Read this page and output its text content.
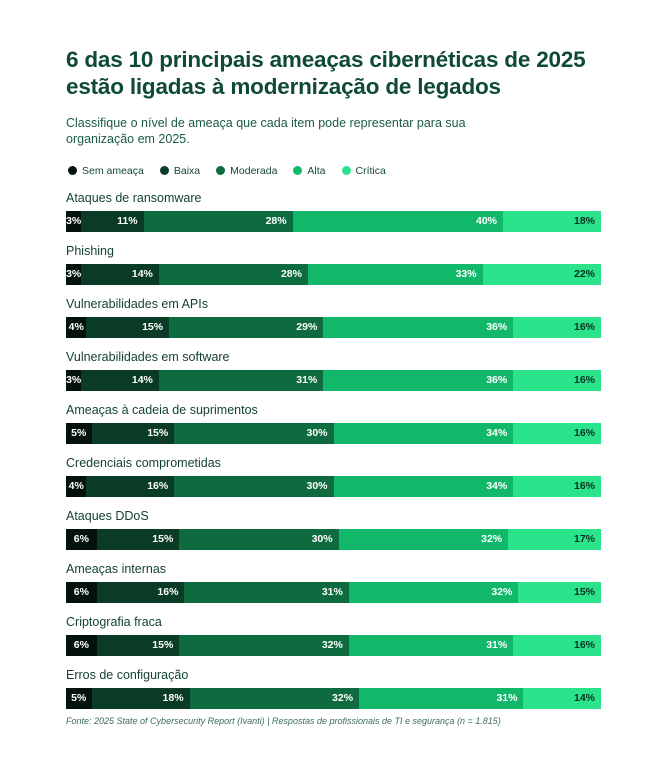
6 das 10 principais ameaças cibernéticas de 2025 estão ligadas à modernização de legados

Classifique o nível de ameaça que cada item pode representar para sua organização em 2025.

Sem ameaça	Baixa	Moderada	Alta	Crítica
Ataques de ransomware
3%	11%	28%	40%	18%
Phishing
3%	14%	28%	33%	22%
Vulnerabilidades em APIs
4%	15%	29%	36%	16%
Vulnerabilidades em software
3%	14%	31%	36%	16%
Ameaças à cadeia de suprimentos
5%	15%	30%	34%	16%
Credenciais comprometidas
4%	16%	30%	34%	16%
Ataques DDoS
6%	15%	30%	32%	17%
Ameaças internas
6%	16%	31%	32%	15%
Criptografia fraca
6%	15%	32%	31%	16%
Erros de configuração
5%	18%	32%	31%	14%
Fonte: 2025 State of Cybersecurity Report (Ivanti) | Respostas de profissionais de TI e segurança (n = 1.815)
